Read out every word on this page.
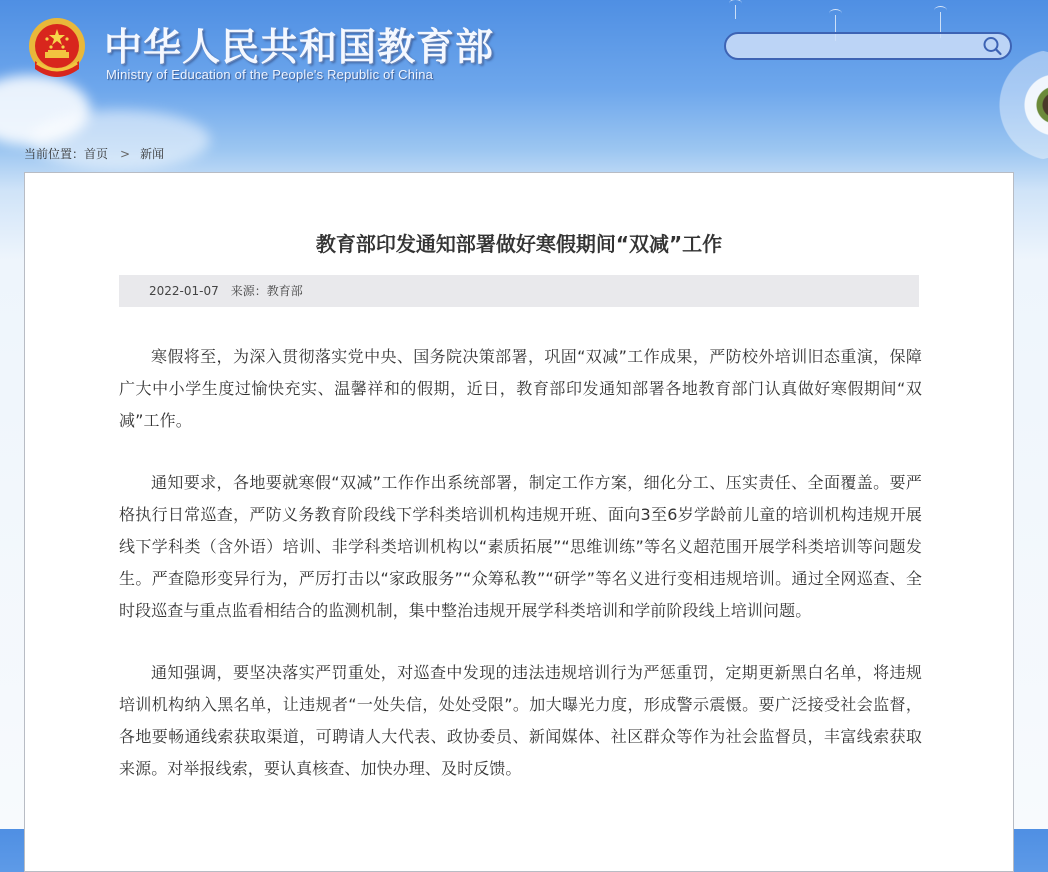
中华人民共和国教育部
Ministry of Education of the People's Republic of China
当前位置：首页 > 新闻
教育部印发通知部署做好寒假期间“双减”工作
2022-01-07 来源：教育部

寒假将至，为深入贯彻落实党中央、国务院决策部署，巩固“双减”工作成果，严防校外培训旧态重演，保障广大中小学生度过愉快充实、温馨祥和的假期，近日，教育部印发通知部署各地教育部门认真做好寒假期间“双减”工作。

通知要求，各地要就寒假“双减”工作作出系统部署，制定工作方案，细化分工、压实责任、全面覆盖。要严格执行日常巡查，严防义务教育阶段线下学科类培训机构违规开班、面向3至6岁学龄前儿童的培训机构违规开展线下学科类（含外语）培训、非学科类培训机构以“素质拓展”“思维训练”等名义超范围开展学科类培训等问题发生。严查隐形变异行为，严厉打击以“家政服务”“众筹私教”“研学”等名义进行变相违规培训。通过全网巡查、全时段巡查与重点监看相结合的监测机制，集中整治违规开展学科类培训和学前阶段线上培训问题。

通知强调，要坚决落实严罚重处，对巡查中发现的违法违规培训行为严惩重罚，定期更新黑白名单，将违规培训机构纳入黑名单，让违规者“一处失信，处处受限”。加大曝光力度，形成警示震慑。要广泛接受社会监督，各地要畅通线索获取渠道，可聘请人大代表、政协委员、新闻媒体、社区群众等作为社会监督员，丰富线索获取来源。对举报线索，要认真核查、加快办理、及时反馈。
